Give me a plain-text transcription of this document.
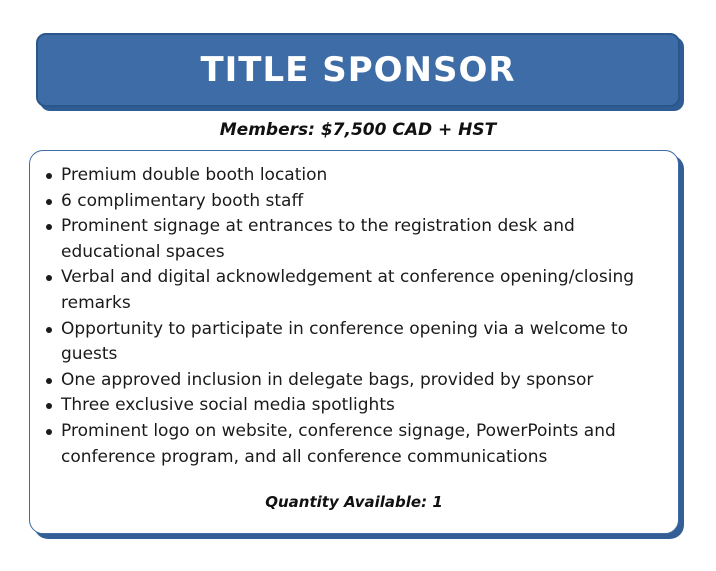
TITLE SPONSOR
Members: $7,500 CAD + HST
Premium double booth location
6 complimentary booth staff
Prominent signage at entrances to the registration desk and educational spaces
Verbal and digital acknowledgement at conference opening/closing remarks
Opportunity to participate in conference opening via a welcome to guests
One approved inclusion in delegate bags, provided by sponsor
Three exclusive social media spotlights
Prominent logo on website, conference signage, PowerPoints and conference program, and all conference communications
Quantity Available: 1
